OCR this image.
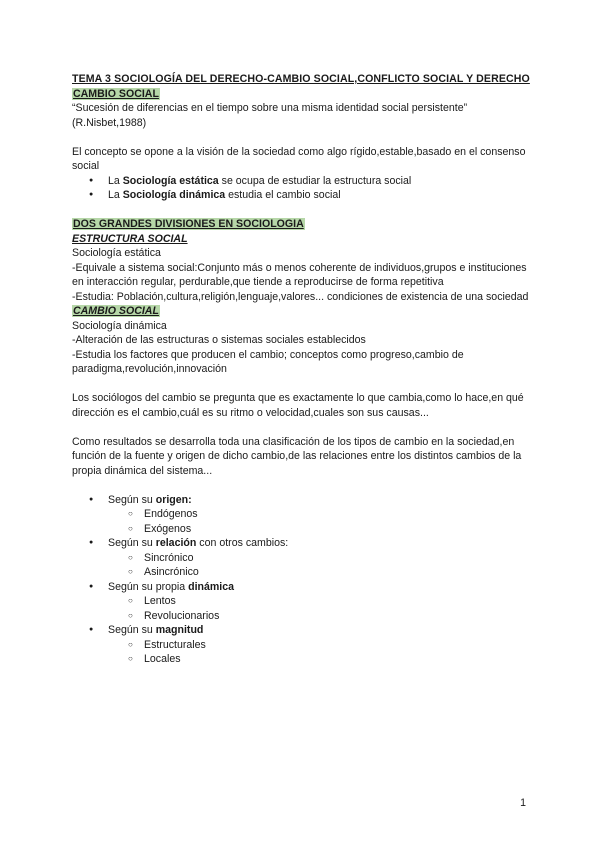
TEMA 3 SOCIOLOGÍA DEL DERECHO-CAMBIO SOCIAL,CONFLICTO SOCIAL Y DERECHO
CAMBIO SOCIAL
“Sucesión de diferencias en el tiempo sobre una misma identidad social persistente” (R.Nisbet,1988)
El concepto se opone a la visión de la sociedad como algo rígido,estable,basado en el consenso social
● La Sociología estática se ocupa de estudiar la estructura social
● La Sociología dinámica estudia el cambio social
DOS GRANDES DIVISIONES EN SOCIOLOGIA
ESTRUCTURA SOCIAL
Sociología estática
-Equivale a sistema social:Conjunto más o menos coherente de individuos,grupos e instituciones en interacción regular, perdurable,que tiende a reproducirse de forma repetitiva
-Estudia: Población,cultura,religión,lenguaje,valores... condiciones de existencia de una sociedad
CAMBIO SOCIAL
Sociología dinámica
-Alteración de las estructuras o sistemas sociales establecidos
-Estudia los factores que producen el cambio; conceptos como progreso,cambio de paradigma,revolución,innovación
Los sociólogos del cambio se pregunta que es exactamente lo que cambia,como lo hace,en qué dirección es el cambio,cuál es su ritmo o velocidad,cuales son sus causas...
Como resultados se desarrolla toda una clasificación de los tipos de cambio en la sociedad,en función de la fuente y origen de dicho cambio,de las relaciones entre los distintos cambios de la propia dinámica del sistema...
● Según su origen:
○ Endógenos
○ Exógenos
● Según su relación con otros cambios:
○ Sincrónico
○ Asincrónico
● Según su propia dinámica
○ Lentos
○ Revolucionarios
● Según su magnitud
○ Estructurales
○ Locales
1
